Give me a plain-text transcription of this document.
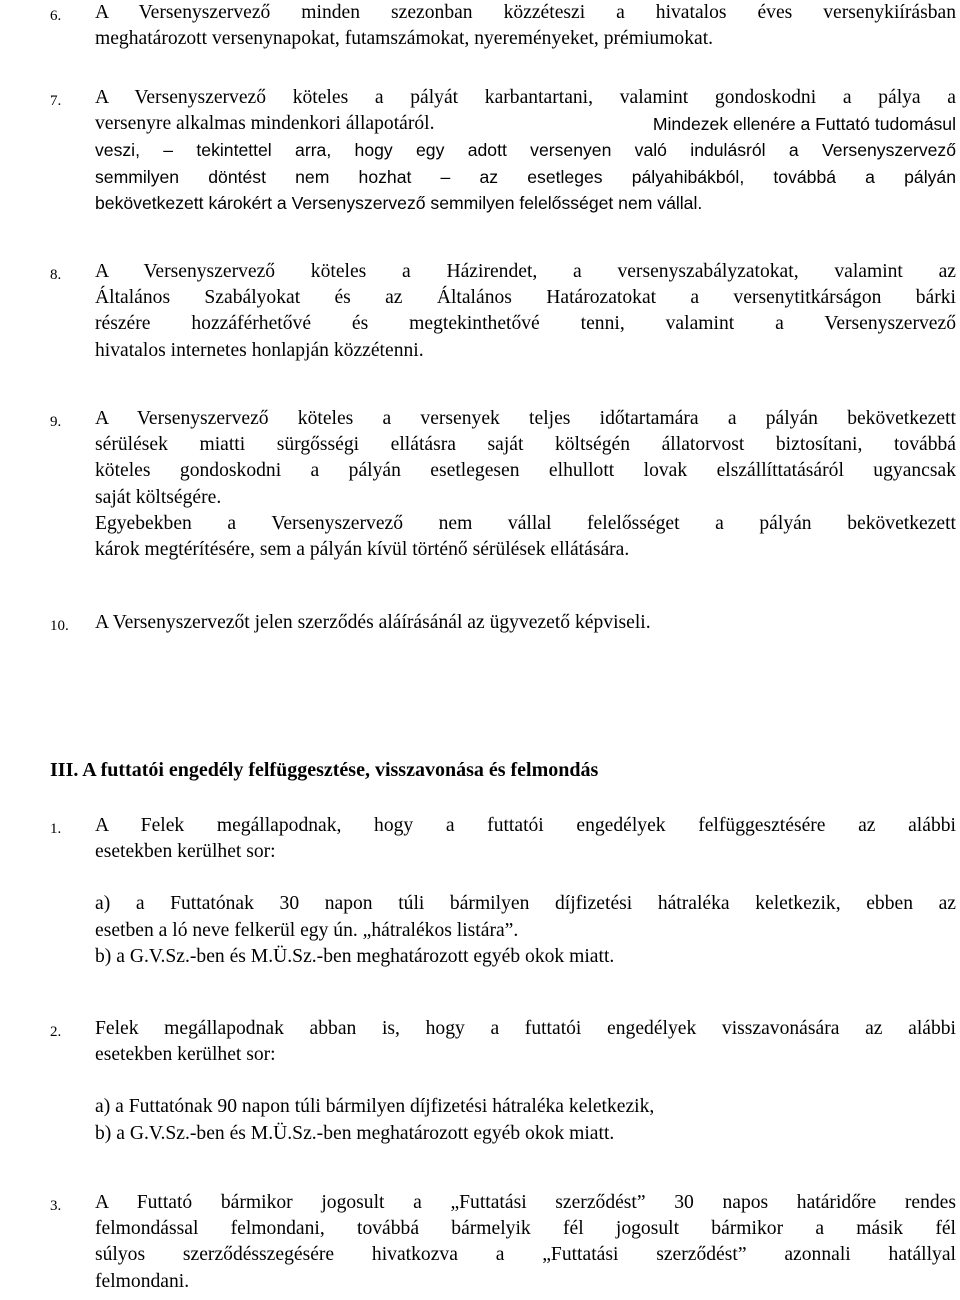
6. A Versenyszervező minden szezonban közzéteszi a hivatalos éves versenykiírásban
meghatározott versenynapokat, futamszámokat, nyereményeket, prémiumokat.
7. A Versenyszervező köteles a pályát karbantartani, valamint gondoskodni a pálya a
versenyre alkalmas mindenkori állapotáról.	Mindezek ellenére a Futtató tudomásul
veszi, – tekintettel arra, hogy egy adott versenyen való indulásról a Versenyszervező
semmilyen döntést nem hozhat – az esetleges pályahibákból, továbbá a pályán
bekövetkezett károkért a Versenyszervező semmilyen felelősséget nem vállal.
8. A Versenyszervező köteles a Házirendet, a versenyszabályzatokat, valamint az
Általános Szabályokat és az Általános Határozatokat a versenytitkárságon bárki
részére hozzáférhetővé és megtekinthetővé tenni, valamint a Versenyszervező
hivatalos internetes honlapján közzétenni.
9. A Versenyszervező köteles a versenyek teljes időtartamára a pályán bekövetkezett
sérülések miatti sürgősségi ellátásra saját költségén állatorvost biztosítani, továbbá
köteles gondoskodni a pályán esetlegesen elhullott lovak elszállíttatásáról ugyancsak
saját költségére.
Egyebekben a Versenyszervező nem vállal felelősséget a pályán bekövetkezett
károk megtérítésére, sem a pályán kívül történő sérülések ellátására.
10. A Versenyszervezőt jelen szerződés aláírásánál az ügyvezető képviseli.
III. A futtatói engedély felfüggesztése, visszavonása és felmondás
1. A Felek megállapodnak, hogy a futtatói engedélyek felfüggesztésére az alábbi
esetekben kerülhet sor:
a) a Futtatónak 30 napon túli bármilyen díjfizetési hátraléka keletkezik, ebben az
esetben a ló neve felkerül egy ún. „hátralékos listára”.
b) a G.V.Sz.-ben és M.Ü.Sz.-ben meghatározott egyéb okok miatt.
2. Felek megállapodnak abban is, hogy a futtatói engedélyek visszavonására az alábbi
esetekben kerülhet sor:
a) a Futtatónak 90 napon túli bármilyen díjfizetési hátraléka keletkezik,
b) a G.V.Sz.-ben és M.Ü.Sz.-ben meghatározott egyéb okok miatt.
3. A Futtató bármikor jogosult a „Futtatási szerződést” 30 napos határidőre rendes
felmondással felmondani, továbbá bármelyik fél jogosult bármikor a másik fél
súlyos szerződésszegésére hivatkozva a „Futtatási szerződést” azonnali hatállyal
felmondani.
